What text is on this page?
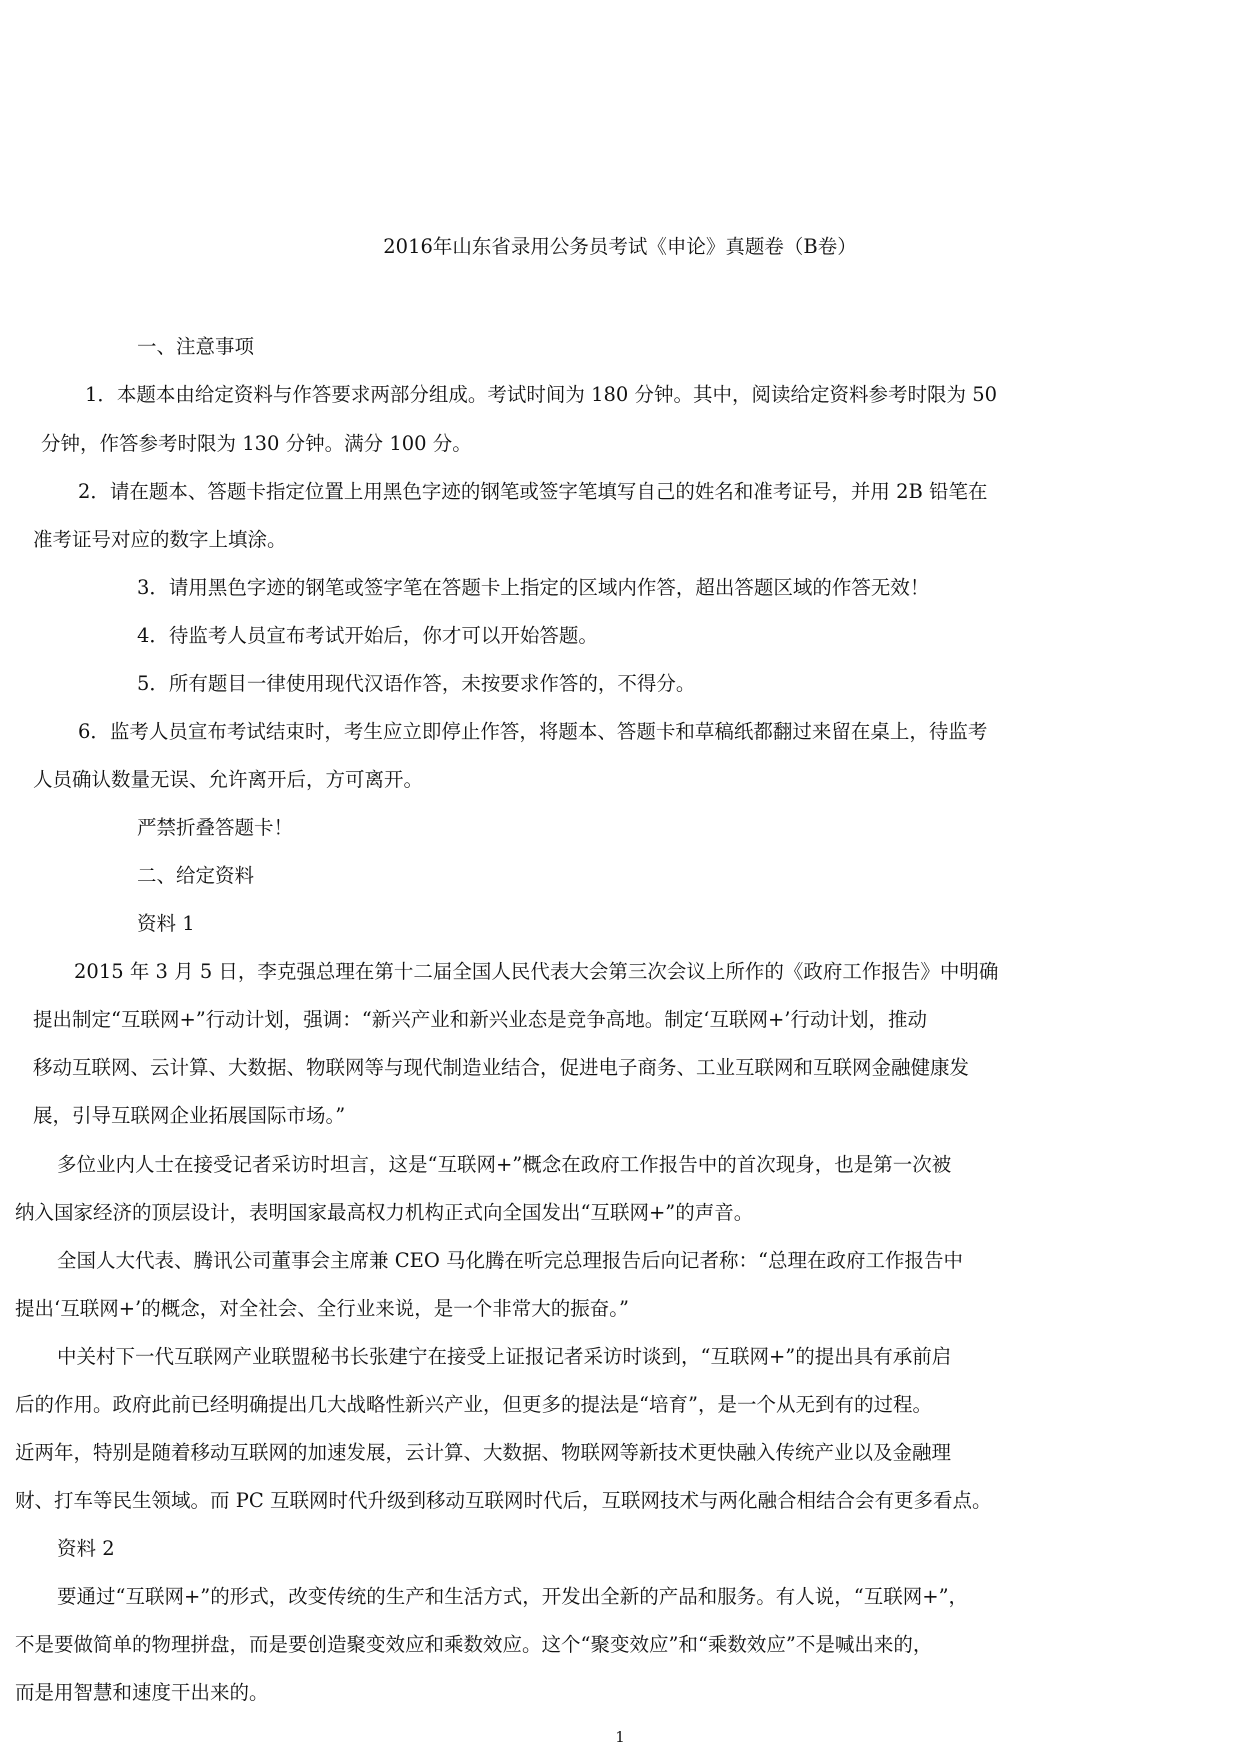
2016年山东省录用公务员考试《申论》真题卷（B卷）
一、注意事项
1．本题本由给定资料与作答要求两部分组成。考试时间为 180 分钟。其中，阅读给定资料参考时限为 50
分钟，作答参考时限为 130 分钟。满分 100 分。
2．请在题本、答题卡指定位置上用黑色字迹的钢笔或签字笔填写自己的姓名和准考证号，并用 2B 铅笔在
准考证号对应的数字上填涂。
3．请用黑色字迹的钢笔或签字笔在答题卡上指定的区域内作答，超出答题区域的作答无效！
4．待监考人员宣布考试开始后，你才可以开始答题。
5．所有题目一律使用现代汉语作答，未按要求作答的，不得分。
6．监考人员宣布考试结束时，考生应立即停止作答，将题本、答题卡和草稿纸都翻过来留在桌上，待监考
人员确认数量无误、允许离开后，方可离开。
严禁折叠答题卡！
二、给定资料
资料 1
2015 年 3 月 5 日，李克强总理在第十二届全国人民代表大会第三次会议上所作的《政府工作报告》中明确
提出制定“互联网+”行动计划，强调：“新兴产业和新兴业态是竞争高地。制定‘互联网+’行动计划，推动
移动互联网、云计算、大数据、物联网等与现代制造业结合，促进电子商务、工业互联网和互联网金融健康发
展，引导互联网企业拓展国际市场。”
多位业内人士在接受记者采访时坦言，这是“互联网+”概念在政府工作报告中的首次现身，也是第一次被
纳入国家经济的顶层设计，表明国家最高权力机构正式向全国发出“互联网+”的声音。
全国人大代表、腾讯公司董事会主席兼 CEO 马化腾在听完总理报告后向记者称：“总理在政府工作报告中
提出‘互联网+’的概念，对全社会、全行业来说，是一个非常大的振奋。”
中关村下一代互联网产业联盟秘书长张建宁在接受上证报记者采访时谈到，“互联网+”的提出具有承前启
后的作用。政府此前已经明确提出几大战略性新兴产业，但更多的提法是“培育”，是一个从无到有的过程。
近两年，特别是随着移动互联网的加速发展，云计算、大数据、物联网等新技术更快融入传统产业以及金融理
财、打车等民生领域。而 PC 互联网时代升级到移动互联网时代后，互联网技术与两化融合相结合会有更多看点。
资料 2
要通过“互联网+”的形式，改变传统的生产和生活方式，开发出全新的产品和服务。有人说，“互联网+”，
不是要做简单的物理拼盘，而是要创造聚变效应和乘数效应。这个“聚变效应”和“乘数效应”不是喊出来的，
而是用智慧和速度干出来的。
1
